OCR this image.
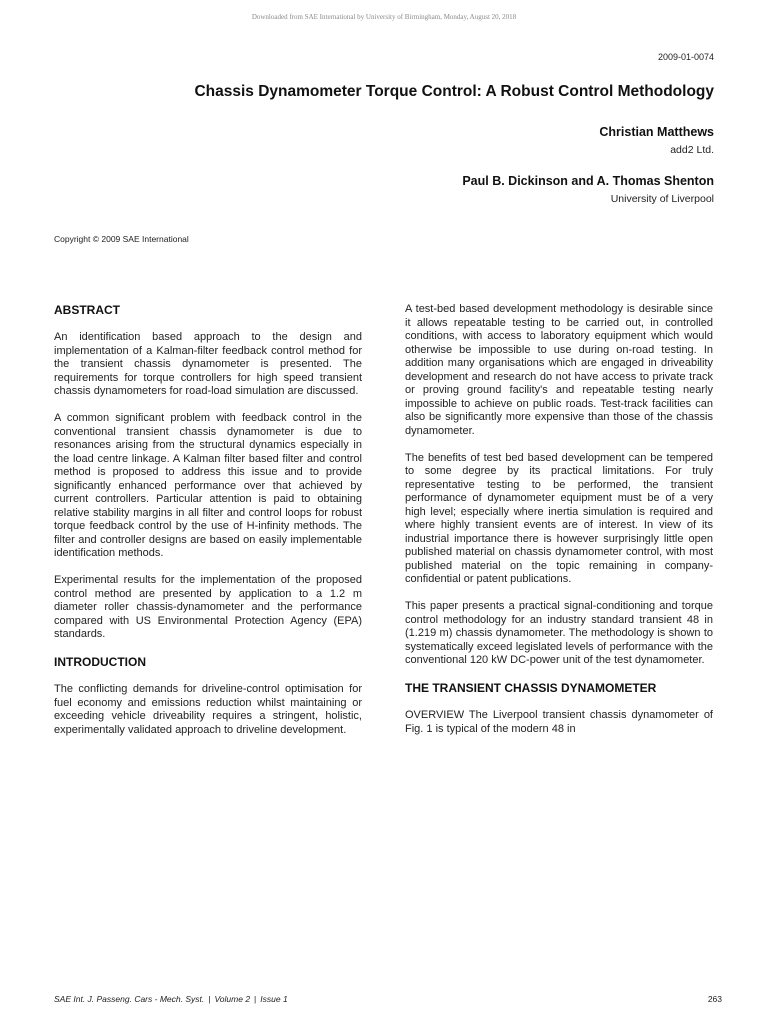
Downloaded from SAE International by University of Birmingham, Monday, August 20, 2018
2009-01-0074
Chassis Dynamometer Torque Control: A Robust Control Methodology
Christian Matthews
add2 Ltd.
Paul B. Dickinson and A. Thomas Shenton
University of Liverpool
Copyright © 2009 SAE International
ABSTRACT

An identification based approach to the design and implementation of a Kalman-filter feedback control method for the transient chassis dynamometer is presented. The requirements for torque controllers for high speed transient chassis dynamometers for road-load simulation are discussed.

A common significant problem with feedback control in the conventional transient chassis dynamometer is due to resonances arising from the structural dynamics especially in the load centre linkage. A Kalman filter based filter and control method is proposed to address this issue and to provide significantly enhanced performance over that achieved by current controllers. Particular attention is paid to obtaining relative stability margins in all filter and control loops for robust torque feedback control by the use of H-infinity methods. The filter and controller designs are based on easily implementable identification methods.

Experimental results for the implementation of the proposed control method are presented by application to a 1.2 m diameter roller chassis-dynamometer and the performance compared with US Environmental Protection Agency (EPA) standards.

INTRODUCTION

The conflicting demands for driveline-control optimisation for fuel economy and emissions reduction whilst maintaining or exceeding vehicle driveability requires a stringent, holistic, experimentally validated approach to driveline development.

A test-bed based development methodology is desirable since it allows repeatable testing to be carried out, in controlled conditions, with access to laboratory equipment which would otherwise be impossible to use during on-road testing. In addition many organisations which are engaged in driveability development and research do not have access to private track or proving ground facility's and repeatable testing nearly impossible to achieve on public roads. Test-track facilities can also be significantly more expensive than those of the chassis dynamometer.

The benefits of test bed based development can be tempered to some degree by its practical limitations. For truly representative testing to be performed, the transient performance of dynamometer equipment must be of a very high level; especially where inertia simulation is required and where highly transient events are of interest. In view of its industrial importance there is however surprisingly little open published material on chassis dynamometer control, with most published material on the topic remaining in company-confidential or patent publications.

This paper presents a practical signal-conditioning and torque control methodology for an industry standard transient 48 in (1.219 m) chassis dynamometer. The methodology is shown to systematically exceed legislated levels of performance with the conventional 120 kW DC-power unit of the test dynamometer.

THE TRANSIENT CHASSIS DYNAMOMETER

OVERVIEW The Liverpool transient chassis dynamometer of Fig. 1 is typical of the modern 48 in

SAE Int. J. Passeng. Cars - Mech. Syst. | Volume 2 | Issue 1	263
